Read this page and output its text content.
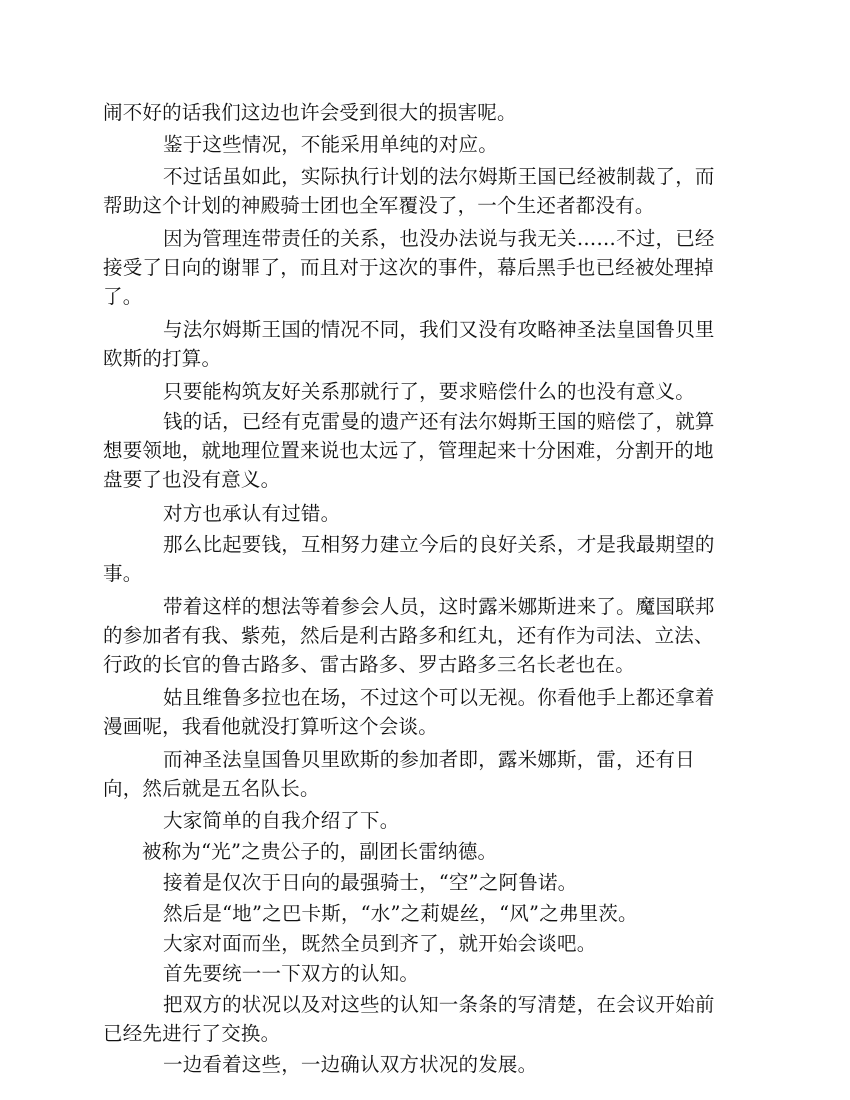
闹不好的话我们这边也许会受到很大的损害呢。
鉴于这些情况，不能采用单纯的对应。
不过话虽如此，实际执行计划的法尔姆斯王国已经被制裁了，而
帮助这个计划的神殿骑士团也全军覆没了，一个生还者都没有。
因为管理连带责任的关系，也没办法说与我无关……不过，已经
接受了日向的谢罪了，而且对于这次的事件，幕后黑手也已经被处理掉
了。
与法尔姆斯王国的情况不同，我们又没有攻略神圣法皇国鲁贝里
欧斯的打算。
只要能构筑友好关系那就行了，要求赔偿什么的也没有意义。
钱的话，已经有克雷曼的遗产还有法尔姆斯王国的赔偿了，就算
想要领地，就地理位置来说也太远了，管理起来十分困难，分割开的地
盘要了也没有意义。
对方也承认有过错。
那么比起要钱，互相努力建立今后的良好关系，才是我最期望的
事。
带着这样的想法等着参会人员，这时露米娜斯进来了。魔国联邦
的参加者有我、紫苑，然后是利古路多和红丸，还有作为司法、立法、
行政的长官的鲁古路多、雷古路多、罗古路多三名长老也在。
姑且维鲁多拉也在场，不过这个可以无视。你看他手上都还拿着
漫画呢，我看他就没打算听这个会谈。
而神圣法皇国鲁贝里欧斯的参加者即，露米娜斯，雷，还有日
向，然后就是五名队长。
大家简单的自我介绍了下。
被称为“光”之贵公子的，副团长雷纳德。
接着是仅次于日向的最强骑士，“空”之阿鲁诺。
然后是“地”之巴卡斯，“水”之莉媞丝，“风”之弗里茨。
大家对面而坐，既然全员到齐了，就开始会谈吧。
首先要统一一下双方的认知。
把双方的状况以及对这些的认知一条条的写清楚，在会议开始前
已经先进行了交换。
一边看着这些，一边确认双方状况的发展。
